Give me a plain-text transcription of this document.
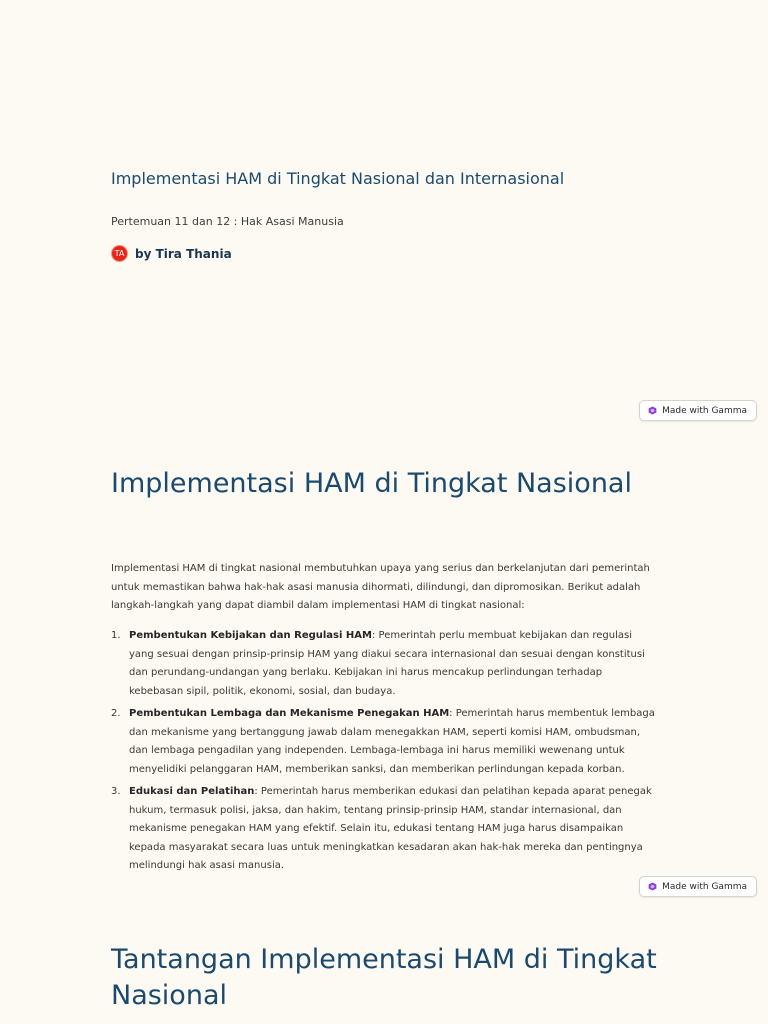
Implementasi HAM di Tingkat Nasional dan Internasional
Pertemuan 11 dan 12 : Hak Asasi Manusia
TA by Tira Thania
Made with Gamma
Implementasi HAM di Tingkat Nasional

Implementasi HAM di tingkat nasional membutuhkan upaya yang serius dan berkelanjutan dari pemerintah untuk memastikan bahwa hak-hak asasi manusia dihormati, dilindungi, dan dipromosikan. Berikut adalah langkah-langkah yang dapat diambil dalam implementasi HAM di tingkat nasional:

1. Pembentukan Kebijakan dan Regulasi HAM: Pemerintah perlu membuat kebijakan dan regulasi yang sesuai dengan prinsip-prinsip HAM yang diakui secara internasional dan sesuai dengan konstitusi dan perundang-undangan yang berlaku. Kebijakan ini harus mencakup perlindungan terhadap kebebasan sipil, politik, ekonomi, sosial, dan budaya.
2. Pembentukan Lembaga dan Mekanisme Penegakan HAM: Pemerintah harus membentuk lembaga dan mekanisme yang bertanggung jawab dalam menegakkan HAM, seperti komisi HAM, ombudsman, dan lembaga pengadilan yang independen. Lembaga-lembaga ini harus memiliki wewenang untuk menyelidiki pelanggaran HAM, memberikan sanksi, dan memberikan perlindungan kepada korban.
3. Edukasi dan Pelatihan: Pemerintah harus memberikan edukasi dan pelatihan kepada aparat penegak hukum, termasuk polisi, jaksa, dan hakim, tentang prinsip-prinsip HAM, standar internasional, dan mekanisme penegakan HAM yang efektif. Selain itu, edukasi tentang HAM juga harus disampaikan kepada masyarakat secara luas untuk meningkatkan kesadaran akan hak-hak mereka dan pentingnya melindungi hak asasi manusia.
Made with Gamma
Tantangan Implementasi HAM di Tingkat Nasional
